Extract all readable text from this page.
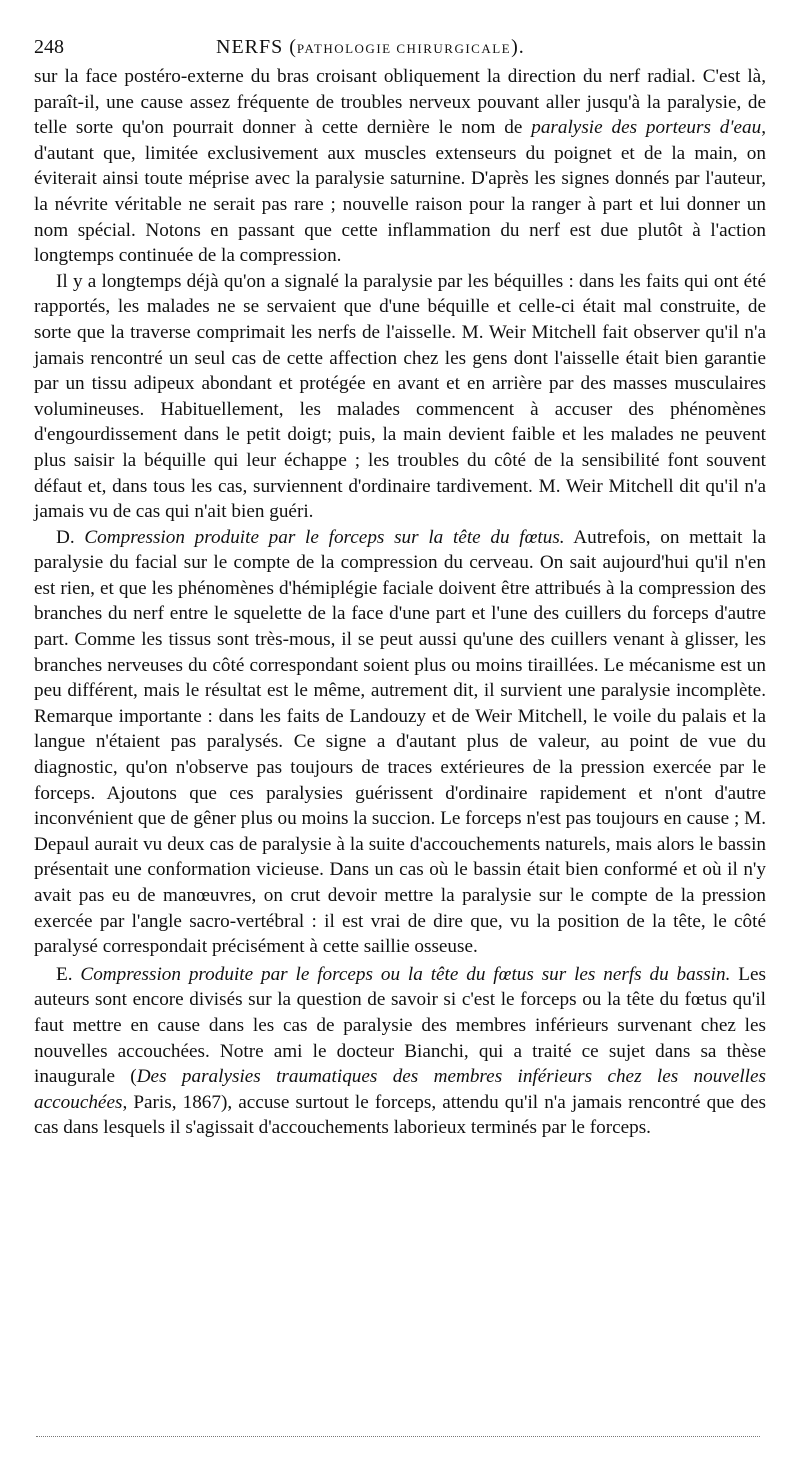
248	NERFS (PATHOLOGIE CHIRURGICALE).

sur la face postéro-externe du bras croisant obliquement la direction du nerf radial. C'est là, paraît-il, une cause assez fréquente de troubles nerveux pouvant aller jusqu'à la paralysie, de telle sorte qu'on pourrait donner à cette dernière le nom de paralysie des porteurs d'eau, d'autant que, limitée exclusivement aux muscles extenseurs du poignet et de la main, on éviterait ainsi toute méprise avec la paralysie saturnine. D'après les signes donnés par l'auteur, la névrite véritable ne serait pas rare ; nouvelle raison pour la ranger à part et lui donner un nom spécial. Notons en passant que cette inflammation du nerf est due plutôt à l'action longtemps continuée de la compression.

Il y a longtemps déjà qu'on a signalé la paralysie par les béquilles : dans les faits qui ont été rapportés, les malades ne se servaient que d'une béquille et celle-ci était mal construite, de sorte que la traverse comprimait les nerfs de l'aisselle. M. Weir Mitchell fait observer qu'il n'a jamais rencontré un seul cas de cette affection chez les gens dont l'aisselle était bien garantie par un tissu adipeux abondant et protégée en avant et en arrière par des masses musculaires volumineuses. Habituellement, les malades commencent à accuser des phénomènes d'engourdissement dans le petit doigt; puis, la main devient faible et les malades ne peuvent plus saisir la béquille qui leur échappe ; les troubles du côté de la sensibilité font souvent défaut et, dans tous les cas, surviennent d'ordinaire tardivement. M. Weir Mitchell dit qu'il n'a jamais vu de cas qui n'ait bien guéri.

D. Compression produite par le forceps sur la tête du fœtus. Autrefois, on mettait la paralysie du facial sur le compte de la compression du cerveau. On sait aujourd'hui qu'il n'en est rien, et que les phénomènes d'hémiplégie faciale doivent être attribués à la compression des branches du nerf entre le squelette de la face d'une part et l'une des cuillers du forceps d'autre part. Comme les tissus sont très-mous, il se peut aussi qu'une des cuillers venant à glisser, les branches nerveuses du côté correspondant soient plus ou moins tiraillées. Le mécanisme est un peu différent, mais le résultat est le même, autrement dit, il survient une paralysie incomplète. Remarque importante : dans les faits de Landouzy et de Weir Mitchell, le voile du palais et la langue n'étaient pas paralysés. Ce signe a d'autant plus de valeur, au point de vue du diagnostic, qu'on n'observe pas toujours de traces extérieures de la pression exercée par le forceps. Ajoutons que ces paralysies guérissent d'ordinaire rapidement et n'ont d'autre inconvénient que de gêner plus ou moins la succion. Le forceps n'est pas toujours en cause ; M. Depaul aurait vu deux cas de paralysie à la suite d'accouchements naturels, mais alors le bassin présentait une conformation vicieuse. Dans un cas où le bassin était bien conformé et où il n'y avait pas eu de manœuvres, on crut devoir mettre la paralysie sur le compte de la pression exercée par l'angle sacro-vertébral : il est vrai de dire que, vu la position de la tête, le côté paralysé correspondait précisément à cette saillie osseuse.

E. Compression produite par le forceps ou la tête du fœtus sur les nerfs du bassin. Les auteurs sont encore divisés sur la question de savoir si c'est le forceps ou la tête du fœtus qu'il faut mettre en cause dans les cas de paralysie des membres inférieurs survenant chez les nouvelles accouchées. Notre ami le docteur Bianchi, qui a traité ce sujet dans sa thèse inaugurale (Des paralysies traumatiques des membres inférieurs chez les nouvelles accouchées, Paris, 1867), accuse surtout le forceps, attendu qu'il n'a jamais rencontré que des cas dans lesquels il s'agissait d'accouchements laborieux terminés par le forceps.
